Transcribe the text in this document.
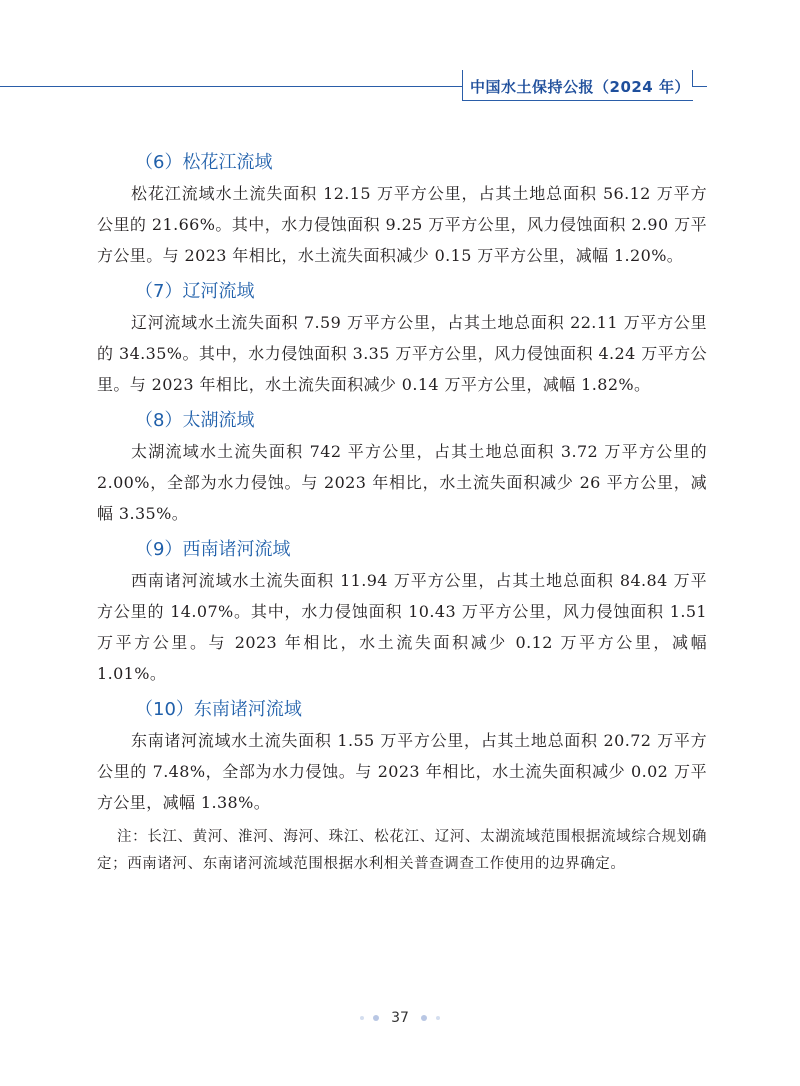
中国水土保持公报（2024 年）
（6）松花江流域

松花江流域水土流失面积 12.15 万平方公里，占其土地总面积 56.12 万平方公里的 21.66%。其中，水力侵蚀面积 9.25 万平方公里，风力侵蚀面积 2.90 万平方公里。与 2023 年相比，水土流失面积减少 0.15 万平方公里，减幅 1.20%。

（7）辽河流域

辽河流域水土流失面积 7.59 万平方公里，占其土地总面积 22.11 万平方公里的 34.35%。其中，水力侵蚀面积 3.35 万平方公里，风力侵蚀面积 4.24 万平方公里。与 2023 年相比，水土流失面积减少 0.14 万平方公里，减幅 1.82%。

（8）太湖流域

太湖流域水土流失面积 742 平方公里，占其土地总面积 3.72 万平方公里的 2.00%，全部为水力侵蚀。与 2023 年相比，水土流失面积减少 26 平方公里，减幅 3.35%。

（9）西南诸河流域

西南诸河流域水土流失面积 11.94 万平方公里，占其土地总面积 84.84 万平方公里的 14.07%。其中，水力侵蚀面积 10.43 万平方公里，风力侵蚀面积 1.51 万平方公里。与 2023 年相比，水土流失面积减少 0.12 万平方公里，减幅 1.01%。

（10）东南诸河流域

东南诸河流域水土流失面积 1.55 万平方公里，占其土地总面积 20.72 万平方公里的 7.48%，全部为水力侵蚀。与 2023 年相比，水土流失面积减少 0.02 万平方公里，减幅 1.38%。

注：长江、黄河、淮河、海河、珠江、松花江、辽河、太湖流域范围根据流域综合规划确定；西南诸河、东南诸河流域范围根据水利相关普查调查工作使用的边界确定。

37
